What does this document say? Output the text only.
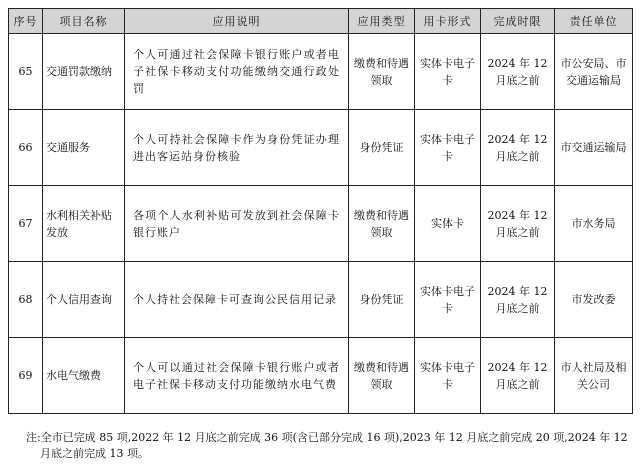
序号	项目名称	应用说明	应用类型	用卡形式	完成时限	责任单位
65	交通罚款缴纳	个人可通过社会保障卡银行账户或者电子社保卡移动支付功能缴纳交通行政处罚	缴费和待遇领取	实体卡电子卡	2024 年 12 月底之前	市公安局、市交通运输局
66	交通服务	个人可持社会保障卡作为身份凭证办理进出客运站身份核验	身份凭证	实体卡电子卡	2024 年 12 月底之前	市交通运输局
67	水利相关补贴发放	各项个人水利补贴可发放到社会保障卡银行账户	缴费和待遇领取	实体卡	2024 年 12 月底之前	市水务局
68	个人信用查询	个人持社会保障卡可查询公民信用记录	身份凭证	实体卡电子卡	2024 年 12 月底之前	市发改委
69	水电气缴费	个人可以通过社会保障卡银行账户或者电子社保卡移动支付功能缴纳水电气费	缴费和待遇领取	实体卡电子卡	2024 年 12 月底之前	市人社局及相关公司
注:全市已完成 85 项,2022 年 12 月底之前完成 36 项(含已部分完成 16 项),2023 年 12 月底之前完成 20 项,2024 年 12 月底之前完成 13 项。
